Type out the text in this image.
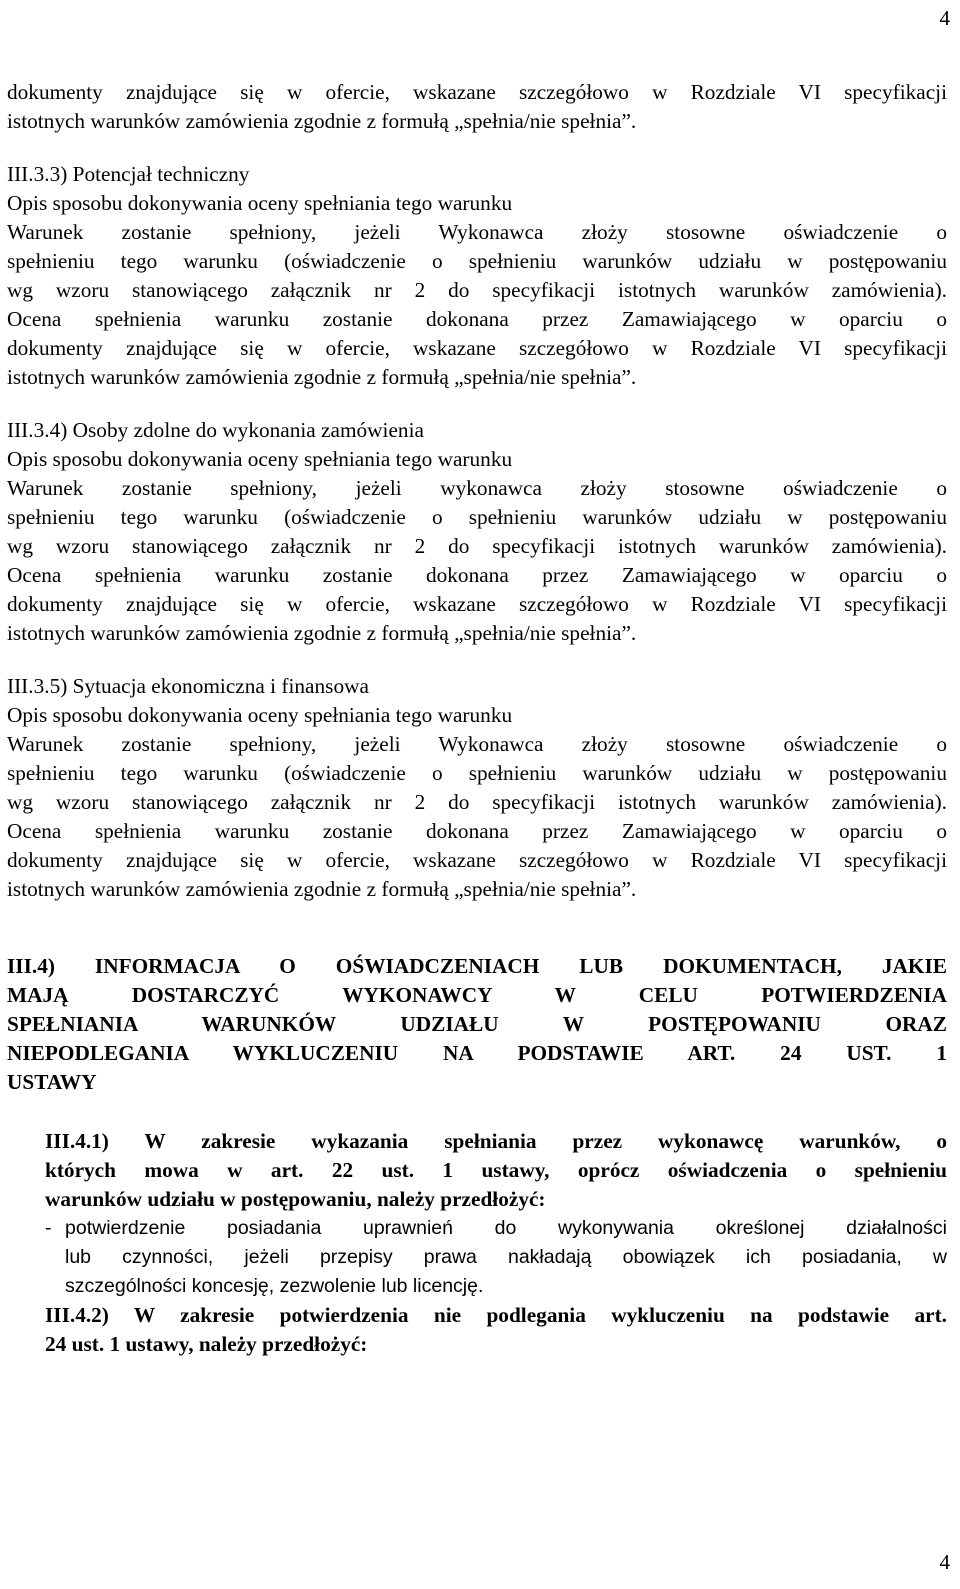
4
dokumenty znajdujące się w ofercie, wskazane szczegółowo w Rozdziale VI specyfikacji
istotnych warunków zamówienia zgodnie z formułą „spełnia/nie spełnia”.
III.3.3) Potencjał techniczny
Opis sposobu dokonywania oceny spełniania tego warunku
Warunek zostanie spełniony, jeżeli Wykonawca złoży stosowne oświadczenie o
spełnieniu tego warunku (oświadczenie o spełnieniu warunków udziału w postępowaniu
wg wzoru stanowiącego załącznik nr 2 do specyfikacji istotnych warunków zamówienia).
Ocena spełnienia warunku zostanie dokonana przez Zamawiającego w oparciu o
dokumenty znajdujące się w ofercie, wskazane szczegółowo w Rozdziale VI specyfikacji
istotnych warunków zamówienia zgodnie z formułą „spełnia/nie spełnia”.
III.3.4) Osoby zdolne do wykonania zamówienia
Opis sposobu dokonywania oceny spełniania tego warunku
Warunek zostanie spełniony, jeżeli wykonawca złoży stosowne oświadczenie o
spełnieniu tego warunku (oświadczenie o spełnieniu warunków udziału w postępowaniu
wg wzoru stanowiącego załącznik nr 2 do specyfikacji istotnych warunków zamówienia).
Ocena spełnienia warunku zostanie dokonana przez Zamawiającego w oparciu o
dokumenty znajdujące się w ofercie, wskazane szczegółowo w Rozdziale VI specyfikacji
istotnych warunków zamówienia zgodnie z formułą „spełnia/nie spełnia”.
III.3.5) Sytuacja ekonomiczna i finansowa
Opis sposobu dokonywania oceny spełniania tego warunku
Warunek zostanie spełniony, jeżeli Wykonawca złoży stosowne oświadczenie o
spełnieniu tego warunku (oświadczenie o spełnieniu warunków udziału w postępowaniu
wg wzoru stanowiącego załącznik nr 2 do specyfikacji istotnych warunków zamówienia).
Ocena spełnienia warunku zostanie dokonana przez Zamawiającego w oparciu o
dokumenty znajdujące się w ofercie, wskazane szczegółowo w Rozdziale VI specyfikacji
istotnych warunków zamówienia zgodnie z formułą „spełnia/nie spełnia”.
III.4) INFORMACJA O OŚWIADCZENIACH LUB DOKUMENTACH, JAKIE
MAJĄ DOSTARCZYĆ WYKONAWCY W CELU POTWIERDZENIA
SPEŁNIANIA WARUNKÓW UDZIAŁU W POSTĘPOWANIU ORAZ
NIEPODLEGANIA WYKLUCZENIU NA PODSTAWIE ART. 24 UST. 1
USTAWY
III.4.1) W zakresie wykazania spełniania przez wykonawcę warunków, o
których mowa w art. 22 ust. 1 ustawy, oprócz oświadczenia o spełnieniu
warunków udziału w postępowaniu, należy przedłożyć:
- potwierdzenie posiadania uprawnień do wykonywania określonej działalności
lub czynności, jeżeli przepisy prawa nakładają obowiązek ich posiadania, w
szczególności koncesję, zezwolenie lub licencję.
III.4.2) W zakresie potwierdzenia nie podlegania wykluczeniu na podstawie art.
24 ust. 1 ustawy, należy przedłożyć:
4
